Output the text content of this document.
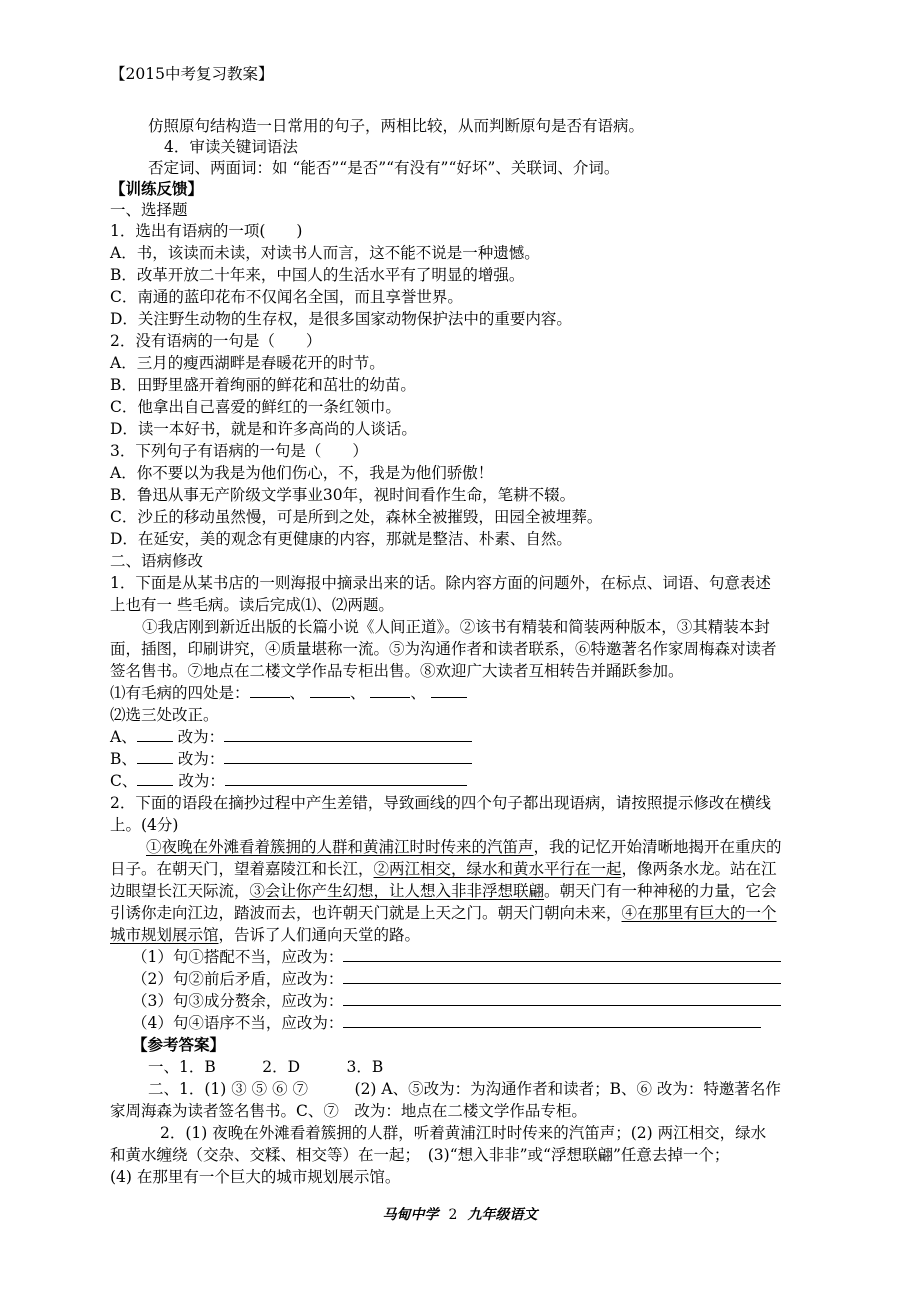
【2015中考复习教案】
仿照原句结构造一日常用的句子，两相比较，从而判断原句是否有语病。
4．审读关键词语法
否定词、两面词：如 “能否”“是否”“有没有”“好坏”、关联词、介词。
【训练反馈】
一、选择题
1．选出有语病的一项(　　)
A．书，该读而未读，对读书人而言，这不能不说是一种遗憾。
B．改革开放二十年来，中国人的生活水平有了明显的增强。
C．南通的蓝印花布不仅闻名全国，而且享誉世界。
D．关注野生动物的生存权，是很多国家动物保护法中的重要内容。
2．没有语病的一句是（　　）
A．三月的瘦西湖畔是春暖花开的时节。
B．田野里盛开着绚丽的鲜花和茁壮的幼苗。
C．他拿出自己喜爱的鲜红的一条红领巾。
D．读一本好书，就是和许多高尚的人谈话。
3．下列句子有语病的一句是（　　）
A．你不要以为我是为他们伤心，不，我是为他们骄傲！
B．鲁迅从事无产阶级文学事业30年，视时间看作生命，笔耕不辍。
C．沙丘的移动虽然慢，可是所到之处，森林全被摧毁，田园全被埋葬。
D．在延安，美的观念有更健康的内容，那就是整洁、朴素、自然。
二、语病修改
1．下面是从某书店的一则海报中摘录出来的话。除内容方面的问题外，在标点、词语、句意表述
上也有一 些毛病。读后完成⑴、⑵两题。
①我店刚到新近出版的长篇小说《人间正道》。②该书有精装和简装两种版本，③其精装本封
面，插图，印刷讲究，④质量堪称一流。⑤为沟通作者和读者联系，⑥特邀著名作家周梅森对读者
签名售书。⑦地点在二楼文学作品专柜出售。⑧欢迎广大读者互相转告并踊跃参加。
⑴有毛病的四处是：	、	、	、
⑵选三处改正。
A、	改为：
B、	改为：
C、	改为：
2．下面的语段在摘抄过程中产生差错，导致画线的四个句子都出现语病，请按照提示修改在横线
上。(4分)
①夜晚在外滩看着簇拥的人群和黄浦江时时传来的汽笛声，我的记忆开始清晰地揭开在重庆的
日子。在朝天门，望着嘉陵江和长江，②两江相交，绿水和黄水平行在一起，像两条水龙。站在江
边眼望长江天际流，③会让你产生幻想，让人想入非非浮想联翩。朝天门有一种神秘的力量，它会
引诱你走向江边，踏波而去，也许朝天门就是上天之门。朝天门朝向未来，④在那里有巨大的一个
城市规划展示馆，告诉了人们通向天堂的路。
（1）句①搭配不当，应改为：
（2）句②前后矛盾，应改为：
（3）句③成分赘余，应改为：
（4）句④语序不当，应改为：
【参考答案】
一、1．B　　　2．D　　　3．B
二、1．(1) ③ ⑤ ⑥ ⑦　　　(2) A、⑤改为：为沟通作者和读者；B、⑥ 改为：特邀著名作
家周海森为读者签名售书。C、⑦　改为：地点在二楼文学作品专柜。
2．(1) 夜晚在外滩看着簇拥的人群，听着黄浦江时时传来的汽笛声；(2) 两江相交，绿水
和黄水缠绕（交杂、交糅、相交等）在一起；　(3)“想入非非”或“浮想联翩”任意去掉一个；
(4) 在那里有一个巨大的城市规划展示馆。
马甸中学 2 九年级语文
